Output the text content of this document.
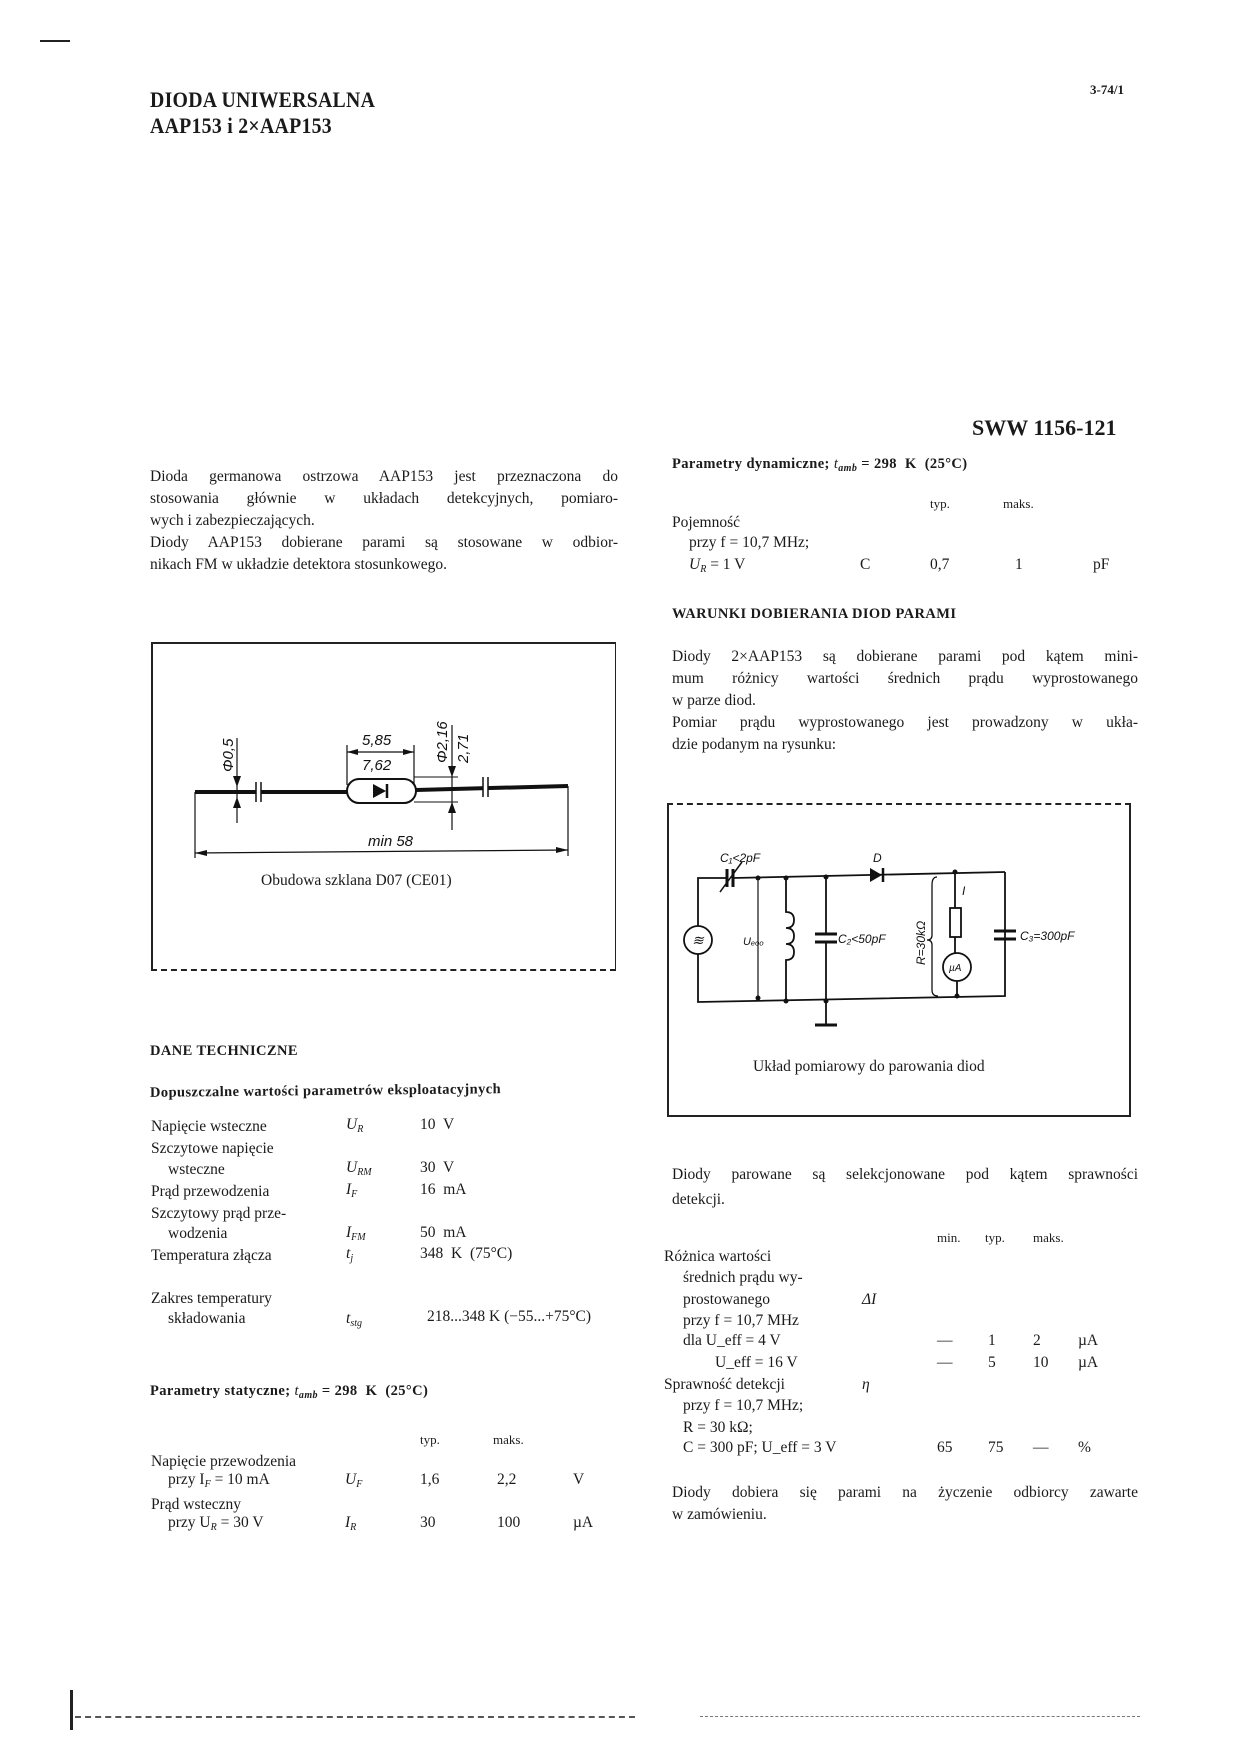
DIODA UNIWERSALNA
AAP153 i 2×AAP153
3-74/1
SWW 1156-121
Dioda germanowa ostrzowa AAP153 jest przeznaczona do
stosowania głównie w układach detekcyjnych, pomiaro-
wych i zabezpieczających.
Diody AAP153 dobierane parami są stosowane w odbior-
nikach FM w układzie detektora stosunkowego.
Φ0,5	5,85
7,62
Φ2,16 2,71
min 58
Obudowa szklana D07 (CE01)
DANE TECHNICZNE
Dopuszczalne wartości parametrów eksploatacyjnych
Napięcie wsteczne	$U_R$	10  V
Szczytowe napięcie
wsteczne	$U_{RM}$	30  V
Prąd przewodzenia	$I_F$	16  mA
Szczytowy prąd prze-
wodzenia	$I_{FM}$	50  mA
Temperatura złącza	$t_j$	348  K  (75°C)
Zakres temperatury
składowania	$t_{stg}$	218...348 K (−55...+75°C)
Parametry statyczne; $t_{amb} = 298$  K  (25°C)
typ.	maks.
Napięcie przewodzenia
przy $I_F = 10$ mA	$U_F$	1,6	2,2	V
Prąd wsteczny
przy $U_R = 30$ V	$I_R$	30	100	µA
Parametry dynamiczne; $t_{amb} = 298$  K  (25°C)
typ.	maks.
Pojemność
przy f = 10,7 MHz;
$U_R = 1$ V	C	0,7	1	pF
WARUNKI DOBIERANIA DIOD PARAMI
Diody 2×AAP153 są dobierane parami pod kątem mini-
mum różnicy wartości średnich prądu wyprostowanego
w parze diod.
Pomiar prądu wyprostowanego jest prowadzony w ukła-
dzie podanym na rysunku:
C₁<2pF	D
Uₑₒₒ	C₂<50pF R=30kΩ
I
C₃=300pF
µA
≋
Układ pomiarowy do parowania diod
Diody parowane są selekcjonowane pod kątem sprawności
detekcji.
min. typ. maks.
Różnica wartości
średnich prądu wy-
prostowanego	ΔI
przy f = 10,7 MHz
dla U_eff = 4 V	— 1 2 µA
U_eff = 16 V	— 5 10 µA
Sprawność detekcji	η
przy f = 10,7 MHz;
R = 30 kΩ;
C = 300 pF; U_eff = 3 V	65 75 — %
Diody dobiera się parami na życzenie odbiorcy zawarte
w zamówieniu.
